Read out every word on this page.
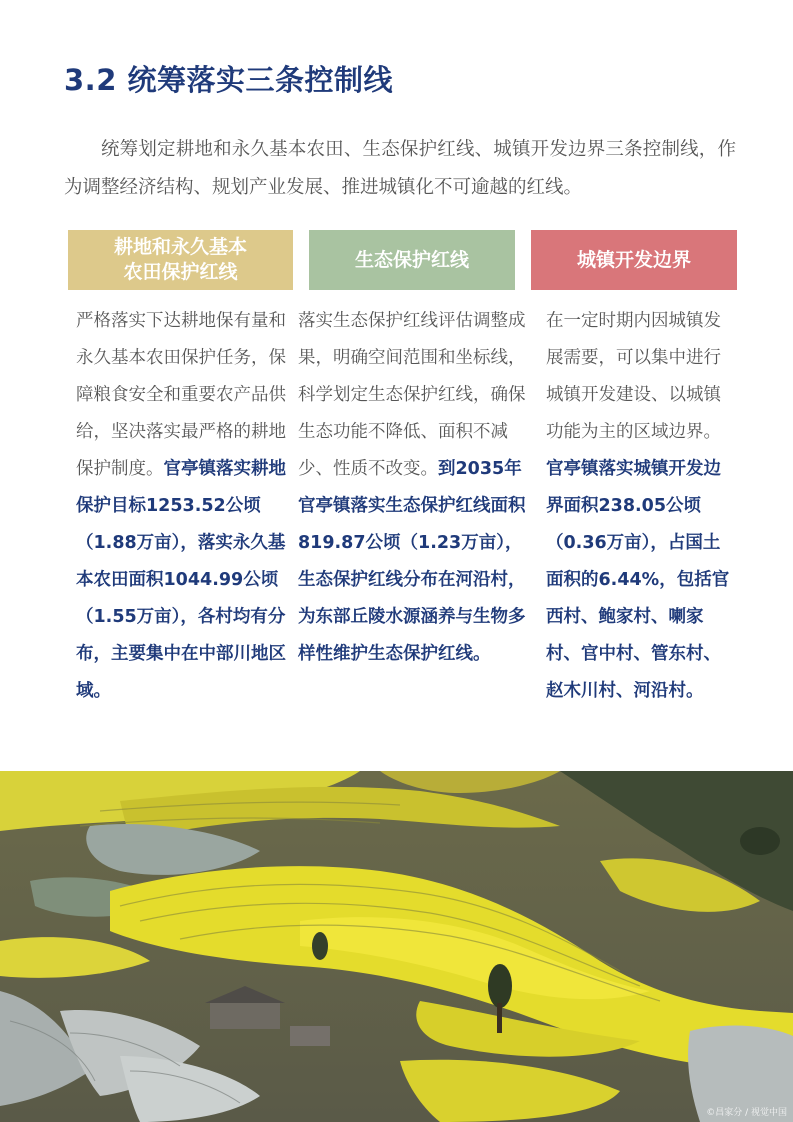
3.2 统筹落实三条控制线
统筹划定耕地和永久基本农田、生态保护红线、城镇开发边界三条控制线，作为调整经济结构、规划产业发展、推进城镇化不可逾越的红线。
耕地和永久基本
农田保护红线
生态保护红线	城镇开发边界
严格落实下达耕地保有量和永久基本农田保护任务，保障粮食安全和重要农产品供给，坚决落实最严格的耕地保护制度。官亭镇落实耕地保护目标1253.52公顷（1.88万亩），落实永久基本农田面积1044.99公顷（1.55万亩），各村均有分布，主要集中在中部川地区域。
落实生态保护红线评估调整成果，明确空间范围和坐标线，科学划定生态保护红线，确保生态功能不降低、面积不减少、性质不改变。到2035年官亭镇落实生态保护红线面积819.87公顷（1.23万亩），生态保护红线分布在河沿村，为东部丘陵水源涵养与生物多样性维护生态保护红线。
在一定时期内因城镇发展需要，可以集中进行城镇开发建设、以城镇功能为主的区域边界。官亭镇落实城镇开发边界面积238.05公顷（0.36万亩），占国土面积的6.44%，包括官西村、鲍家村、喇家村、官中村、管东村、赵木川村、河沿村。
©昌家分 / 视觉中国
